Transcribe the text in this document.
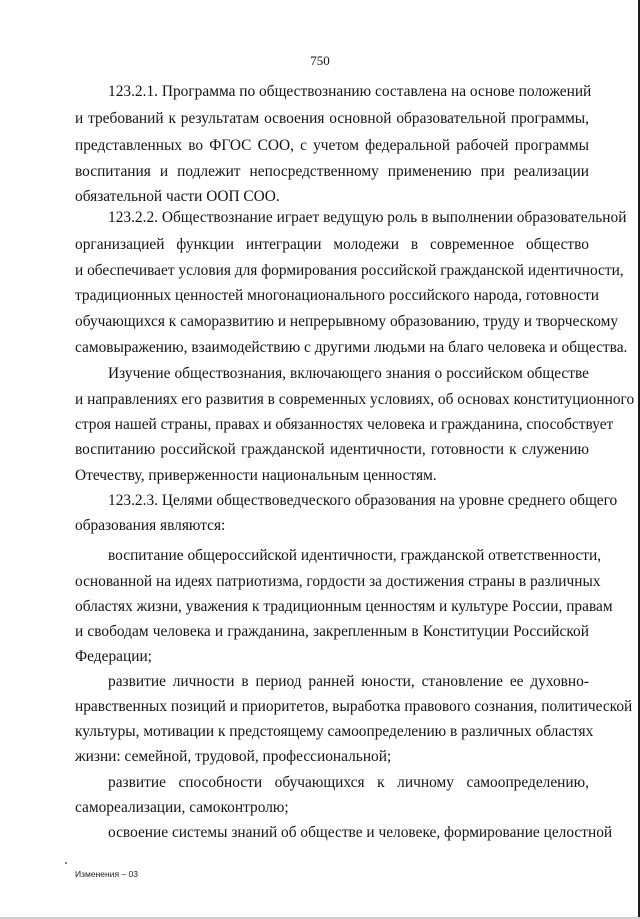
750
123.2.1. Программа по обществознанию составлена на основе положений
и требований к результатам освоения основной образовательной программы,
представленных во ФГОС СОО, с учетом федеральной рабочей программы
воспитания и подлежит непосредственному применению при реализации
обязательной части ООП СОО.
123.2.2. Обществознание играет ведущую роль в выполнении образовательной
организацией функции интеграции молодежи в современное общество
и обеспечивает условия для формирования российской гражданской идентичности,
традиционных ценностей многонационального российского народа, готовности
обучающихся к саморазвитию и непрерывному образованию, труду и творческому
самовыражению, взаимодействию с другими людьми на благо человека и общества.
Изучение обществознания, включающего знания о российском обществе
и направлениях его развития в современных условиях, об основах конституционного
строя нашей страны, правах и обязанностях человека и гражданина, способствует
воспитанию российской гражданской идентичности, готовности к служению
Отечеству, приверженности национальным ценностям.
123.2.3. Целями обществоведческого образования на уровне среднего общего
образования являются:
воспитание общероссийской идентичности, гражданской ответственности,
основанной на идеях патриотизма, гордости за достижения страны в различных
областях жизни, уважения к традиционным ценностям и культуре России, правам
и свободам человека и гражданина, закрепленным в Конституции Российской
Федерации;
развитие личности в период ранней юности, становление ее духовно-
нравственных позиций и приоритетов, выработка правового сознания, политической
культуры, мотивации к предстоящему самоопределению в различных областях
жизни: семейной, трудовой, профессиональной;
развитие способности обучающихся к личному самоопределению,
самореализации, самоконтролю;
освоение системы знаний об обществе и человеке, формирование целостной
Изменения – 03
